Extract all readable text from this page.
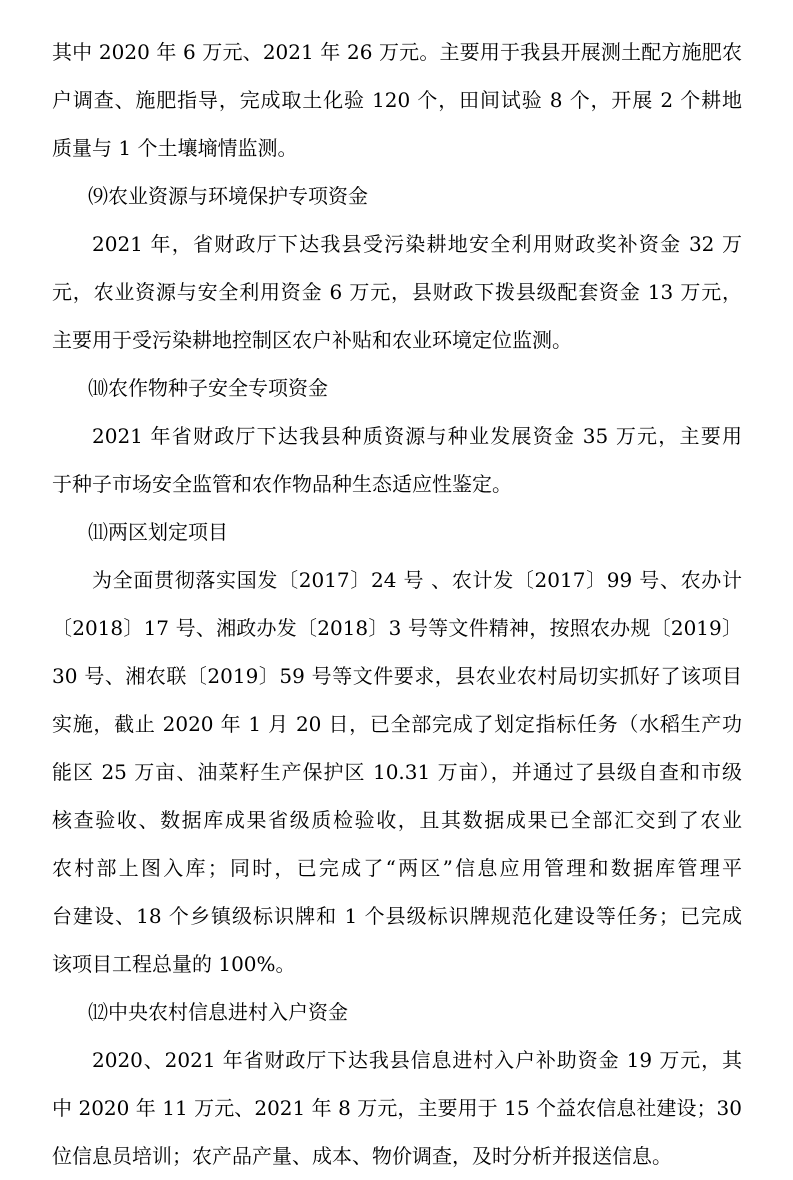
其中 2020 年 6 万元、2021 年 26 万元。主要用于我县开展测土配方施肥农
户调查、施肥指导，完成取土化验 120 个，田间试验 8 个，开展 2 个耕地
质量与 1 个土壤墒情监测。
⑼农业资源与环境保护专项资金
2021 年，省财政厅下达我县受污染耕地安全利用财政奖补资金 32 万
元，农业资源与安全利用资金 6 万元，县财政下拨县级配套资金 13 万元，
主要用于受污染耕地控制区农户补贴和农业环境定位监测。
⑽农作物种子安全专项资金
2021 年省财政厅下达我县种质资源与种业发展资金 35 万元，主要用
于种子市场安全监管和农作物品种生态适应性鉴定。
⑾两区划定项目
为全面贯彻落实国发〔2017〕24 号 、农计发〔2017〕99 号、农办计
〔2018〕17 号、湘政办发〔2018〕3 号等文件精神，按照农办规〔2019〕
30 号、湘农联〔2019〕59 号等文件要求，县农业农村局切实抓好了该项目
实施，截止 2020 年 1 月 20 日，已全部完成了划定指标任务（水稻生产功
能区 25 万亩、油菜籽生产保护区 10.31 万亩），并通过了县级自查和市级
核查验收、数据库成果省级质检验收，且其数据成果已全部汇交到了农业
农村部上图入库；同时，已完成了“两区”信息应用管理和数据库管理平
台建设、18 个乡镇级标识牌和 1 个县级标识牌规范化建设等任务；已完成
该项目工程总量的 100%。
⑿中央农村信息进村入户资金
2020、2021 年省财政厅下达我县信息进村入户补助资金 19 万元，其
中 2020 年 11 万元、2021 年 8 万元，主要用于 15 个益农信息社建设；30
位信息员培训；农产品产量、成本、物价调查，及时分析并报送信息。
